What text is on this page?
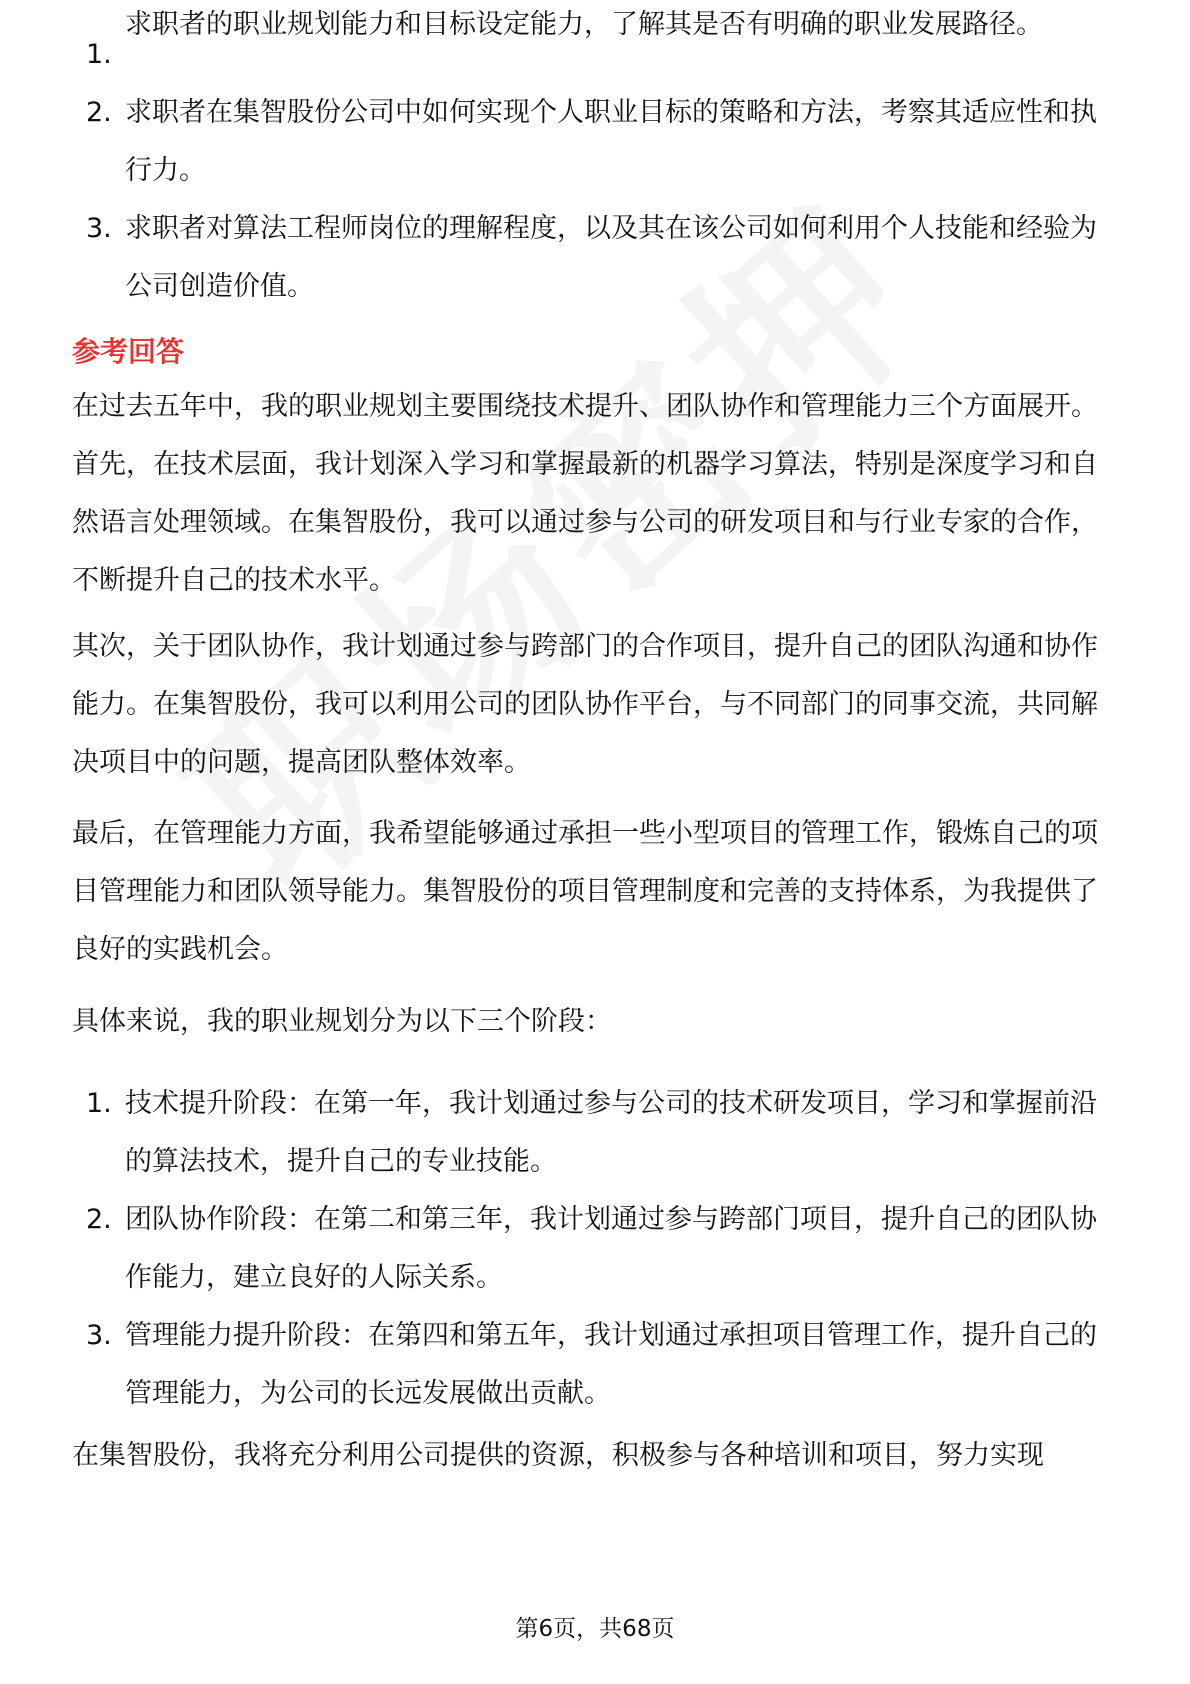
1.
求职者的职业规划能力和目标设定能力，了解其是否有明确的职业发展路径。
2. 求职者在集智股份公司中如何实现个人职业目标的策略和方法，考察其适应性和执行力。
3. 求职者对算法工程师岗位的理解程度，以及其在该公司如何利用个人技能和经验为公司创造价值。
参考回答

在过去五年中，我的职业规划主要围绕技术提升、团队协作和管理能力三个方面展开。首先，在技术层面，我计划深入学习和掌握最新的机器学习算法，特别是深度学习和自然语言处理领域。在集智股份，我可以通过参与公司的研发项目和与行业专家的合作，不断提升自己的技术水平。

其次，关于团队协作，我计划通过参与跨部门的合作项目，提升自己的团队沟通和协作能力。在集智股份，我可以利用公司的团队协作平台，与不同部门的同事交流，共同解决项目中的问题，提高团队整体效率。

最后，在管理能力方面，我希望能够通过承担一些小型项目的管理工作，锻炼自己的项目管理能力和团队领导能力。集智股份的项目管理制度和完善的支持体系，为我提供了良好的实践机会。

具体来说，我的职业规划分为以下三个阶段：

1. 技术提升阶段：在第一年，我计划通过参与公司的技术研发项目，学习和掌握前沿的算法技术，提升自己的专业技能。
2. 团队协作阶段：在第二和第三年，我计划通过参与跨部门项目，提升自己的团队协作能力，建立良好的人际关系。
3. 管理能力提升阶段：在第四和第五年，我计划通过承担项目管理工作，提升自己的管理能力，为公司的长远发展做出贡献。

在集智股份，我将充分利用公司提供的资源，积极参与各种培训和项目，努力实现

第6页，共68页
